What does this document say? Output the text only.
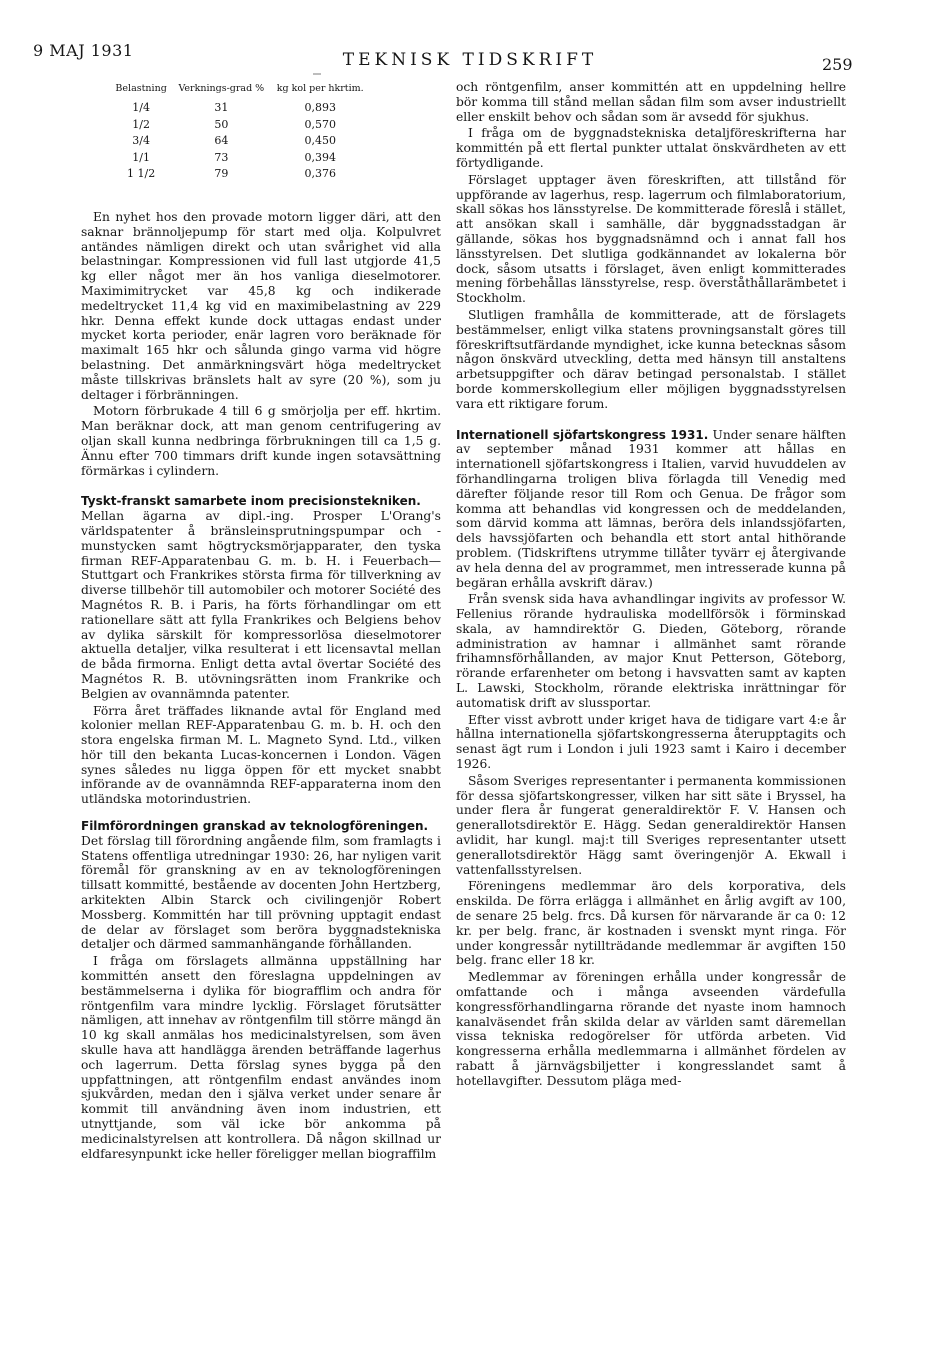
9 MAJ 1931	TEKNISK TIDSKRIFT	259
Belastning	Verknings-grad %	kg kol per hkrtim.
1/4	31	0,893
1/2	50	0,570
3/4	64	0,450
1/1	73	0,394
1 1/2	79	0,376

En nyhet hos den provade motorn ligger däri, att den saknar brännoljepump för start med olja. Kolpulvret antändes nämligen direkt och utan svårighet vid alla belastningar. Kompressionen vid full last utgjorde 41,5 kg eller något mer än hos vanliga dieselmotorer. Maximimitrycket var 45,8 kg och indikerade medeltrycket 11,4 kg vid en maximibelastning av 229 hkr. Denna effekt kunde dock uttagas endast under mycket korta perioder, enär lagren voro beräknade för maximalt 165 hkr och sålunda gingo varma vid högre belastning. Det anmärkningsvärt höga medeltrycket måste tillskrivas bränslets halt av syre (20 %), som ju deltager i förbränningen.

Motorn förbrukade 4 till 6 g smörjolja per eff. hkrtim. Man beräknar dock, att man genom centrifugering av oljan skall kunna nedbringa förbrukningen till ca 1,5 g. Ännu efter 700 timmars drift kunde ingen sotavsättning förmärkas i cylindern.

Tyskt-franskt samarbete inom precisionstekniken.
Mellan ägarna av dipl.-ing. Prosper L'Orang's världspatenter å bränsleinsprutningspumpar och -munstycken samt högtrycksmörjapparater, den tyska firman REF-Apparatenbau G. m. b. H. i Feuerbach—Stuttgart och Frankrikes största firma för tillverkning av diverse tillbehör till automobiler och motorer Société des Magnétos R. B. i Paris, ha förts förhandlingar om ett rationellare sätt att fylla Frankrikes och Belgiens behov av dylika särskilt för kompressorlösa dieselmotorer aktuella detaljer, vilka resulterat i ett licensavtal mellan de båda firmorna. Enligt detta avtal övertar Société des Magnétos R. B. utövningsrätten inom Frankrike och Belgien av ovannämnda patenter.

Förra året träffades liknande avtal för England med kolonier mellan REF-Apparatenbau G. m. b. H. och den stora engelska firman M. L. Magneto Synd. Ltd., vilken hör till den bekanta Lucas-koncernen i London. Vägen synes således nu ligga öppen för ett mycket snabbt införande av de ovannämnda REF-apparaterna inom den utländska motorindustrien.

Filmförordningen granskad av teknologföreningen.
Det förslag till förordning angående film, som framlagts i Statens offentliga utredningar 1930: 26, har nyligen varit föremål för granskning av en av teknologföreningen tillsatt kommitté, bestående av docenten John Hertzberg, arkitekten Albin Starck och civilingenjör Robert Mossberg. Kommittén har till prövning upptagit endast de delar av förslaget som beröra byggnadstekniska detaljer och därmed sammanhängande förhållanden.

I fråga om förslagets allmänna uppställning har kommittén ansett den föreslagna uppdelningen av bestämmelserna i dylika för biografflim och andra för röntgenfilm vara mindre lycklig. Förslaget förutsätter nämligen, att innehav av röntgenfilm till större mängd än 10 kg skall anmälas hos medicinalstyrelsen, som även skulle hava att handlägga ärenden beträffande lagerhus och lagerrum. Detta förslag synes bygga på den uppfattningen, att röntgenfilm endast användes inom sjukvården, medan den i själva verket under senare år kommit till användning även inom industrien, ett utnyttjande, som väl icke bör ankomma på medicinalstyrelsen att kontrollera. Då någon skillnad ur eldfaresynpunkt icke heller föreligger mellan biograffilm

och röntgenfilm, anser kommittén att en uppdelning hellre bör komma till stånd mellan sådan film som avser industriellt eller enskilt behov och sådan som är avsedd för sjukhus.

I fråga om de byggnadstekniska detaljföreskrifterna har kommittén på ett flertal punkter uttalat önskvärdheten av ett förtydligande.

Förslaget upptager även föreskriften, att tillstånd för uppförande av lagerhus, resp. lagerrum och filmlaboratorium, skall sökas hos länsstyrelse. De kommitterade föreslå i stället, att ansökan skall i samhälle, där byggnadsstadgan är gällande, sökas hos byggnadsnämnd och i annat fall hos länsstyrelsen. Det slutliga godkännandet av lokalerna bör dock, såsom utsatts i förslaget, även enligt kommitterades mening förbehållas länsstyrelse, resp. överståthållarämbetet i Stockholm.

Slutligen framhålla de kommitterade, att de förslagets bestämmelser, enligt vilka statens provningsanstalt göres till föreskriftsutfärdande myndighet, icke kunna betecknas såsom någon önskvärd utveckling, detta med hänsyn till anstaltens arbetsuppgifter och därav betingad personalstab. I stället borde kommerskollegium eller möjligen byggnadsstyrelsen vara ett riktigare forum.

Internationell sjöfartskongress 1931. Under senare hälften av september månad 1931 kommer att hållas en internationell sjöfartskongress i Italien, varvid huvuddelen av förhandlingarna troligen bliva förlagda till Venedig med därefter följande resor till Rom och Genua. De frågor som komma att behandlas vid kongressen och de meddelanden, som därvid komma att lämnas, beröra dels inlandssjöfarten, dels havssjöfarten och behandla ett stort antal hithörande problem. (Tidskriftens utrymme tillåter tyvärr ej återgivande av hela denna del av programmet, men intresserade kunna på begäran erhålla avskrift därav.)

Från svensk sida hava avhandlingar ingivits av professor W. Fellenius rörande hydrauliska modellförsök i förminskad skala, av hamndirektör G. Dieden, Göteborg, rörande administration av hamnar i allmänhet samt rörande frihamnsförhållanden, av major Knut Petterson, Göteborg, rörande erfarenheter om betong i havsvatten samt av kapten L. Lawski, Stockholm, rörande elektriska inrättningar för automatisk drift av slussportar.

Efter visst avbrott under kriget hava de tidigare vart 4:e år hållna internationella sjöfartskongresserna återupptagits och senast ägt rum i London i juli 1923 samt i Kairo i december 1926.

Såsom Sveriges representanter i permanenta kommissionen för dessa sjöfartskongresser, vilken har sitt säte i Bryssel, ha under flera år fungerat generaldirektör F. V. Hansen och generallotsdirektör E. Hägg. Sedan generaldirektör Hansen avlidit, har kungl. maj:t till Sveriges representanter utsett generallotsdirektör Hägg samt överingenjör A. Ekwall i vattenfallsstyrelsen.

Föreningens medlemmar äro dels korporativa, dels enskilda. De förra erlägga i allmänhet en årlig avgift av 100, de senare 25 belg. frcs. Då kursen för närvarande är ca 0: 12 kr. per belg. franc, är kostnaden i svenskt mynt ringa. För under kongressår nytillträdande medlemmar är avgiften 150 belg. franc eller 18 kr.

Medlemmar av föreningen erhålla under kongressår de omfattande och i många avseenden värdefulla kongressförhandlingarna rörande det nyaste inom hamnoch kanalväsendet från skilda delar av världen samt däremellan vissa tekniska redogörelser för utförda arbeten. Vid kongresserna erhålla medlemmarna i allmänhet fördelen av rabatt å järnvägsbiljetter i kongresslandet samt å hotellavgifter. Dessutom pläga med-
